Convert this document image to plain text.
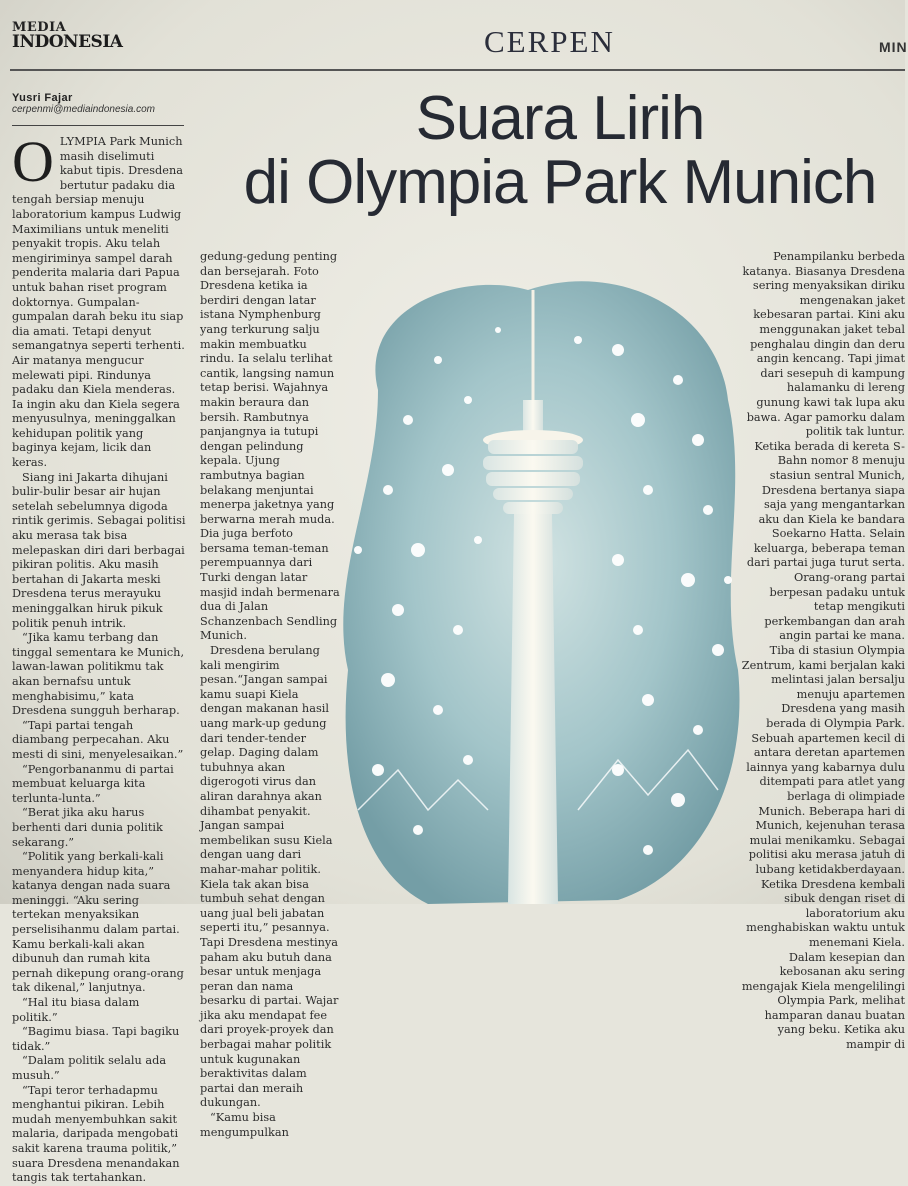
MEDIA
INDONESIA	CERPEN	MIN
Yusri Fajar
cerpenmi@mediaindonesia.com	Suara Lirih
di Olympia Park Munich
O LYMPIA Park Munich masih diselimuti kabut tipis. Dresdena bertutur padaku dia tengah bersiap menuju laboratorium kampus Ludwig Maximilians untuk meneliti penyakit tropis. Aku telah mengiriminya sampel darah penderita malaria dari Papua untuk bahan riset program doktornya. Gumpalan-gumpalan darah beku itu siap dia amati. Tetapi denyut semangatnya seperti terhenti. Air matanya mengucur melewati pipi. Rindunya padaku dan Kiela menderas. Ia ingin aku dan Kiela segera menyusulnya, meninggalkan kehidupan politik yang baginya kejam, licik dan keras.

Siang ini Jakarta dihujani bulir-bulir besar air hujan setelah sebelumnya digoda rintik gerimis. Sebagai politisi aku merasa tak bisa melepaskan diri dari berbagai pikiran politis. Aku masih bertahan di Jakarta meski Dresdena terus merayuku meninggalkan hiruk pikuk politik penuh intrik.

“Jika kamu terbang dan tinggal sementara ke Munich, lawan-lawan politikmu tak akan bernafsu untuk menghabisimu,” kata Dresdena sungguh berharap.

“Tapi partai tengah diambang perpecahan. Aku mesti di sini, menyelesaikan.”

“Pengorbananmu di partai membuat keluarga kita terlunta-lunta.”

“Berat jika aku harus berhenti dari dunia politik sekarang.”

“Politik yang berkali-kali menyandera hidup kita,” katanya dengan nada suara meninggi. “Aku sering tertekan menyaksikan perselisihanmu dalam partai. Kamu berkali-kali akan dibunuh dan rumah kita pernah dikepung orang-orang tak dikenal,” lanjutnya.

“Hal itu biasa dalam politik.”

“Bagimu biasa. Tapi bagiku tidak.”

“Dalam politik selalu ada musuh.”

“Tapi teror terhadapmu menghantui pikiran. Lebih mudah menyembuhkan sakit malaria, daripada mengobati sakit karena trauma politik,” suara Dresdena menandakan tangis tak tertahankan.

gedung-gedung penting dan bersejarah. Foto Dresdena ketika ia berdiri dengan latar istana Nymphenburg yang terkurung salju makin membuatku rindu. Ia selalu terlihat cantik, langsing namun tetap berisi. Wajahnya makin beraura dan bersih. Rambutnya panjangnya ia tutupi dengan pelindung kepala. Ujung rambutnya bagian belakang menjuntai menerpa jaketnya yang berwarna merah muda. Dia juga berfoto bersama teman-teman perempuannya dari Turki dengan latar masjid indah bermenara dua di Jalan Schanzenbach Sendling Munich.

Dresdena berulang kali mengirim pesan.“Jangan sampai kamu suapi Kiela dengan makanan hasil uang mark-up gedung dari tender-tender gelap. Daging dalam tubuhnya akan digerogoti virus dan aliran darahnya akan dihambat penyakit. Jangan sampai membelikan susu Kiela dengan uang dari mahar-mahar politik. Kiela tak akan bisa tumbuh sehat dengan uang jual beli jabatan seperti itu,” pesannya. Tapi Dresdena mestinya paham aku butuh dana besar untuk menjaga peran dan nama besarku di partai. Wajar jika aku mendapat fee dari proyek-proyek dan berbagai mahar politik untuk kugunakan beraktivitas dalam partai dan meraih dukungan.

“Kamu bisa mengumpulkan

Penampilanku berbeda katanya. Biasanya Dresdena sering menyaksikan diriku mengenakan jaket kebesaran partai. Kini aku menggunakan jaket tebal penghalau dingin dan deru angin kencang. Tapi jimat dari sesepuh di kampung halamanku di lereng gunung kawi tak lupa aku bawa. Agar pamorku dalam politik tak luntur.

Ketika berada di kereta S-Bahn nomor 8 menuju stasiun sentral Munich, Dresdena bertanya siapa saja yang mengantarkan aku dan Kiela ke bandara Soekarno Hatta. Selain keluarga, beberapa teman dari partai juga turut serta. Orang-orang partai berpesan padaku untuk tetap mengikuti perkembangan dan arah angin partai ke mana.

Tiba di stasiun Olympia Zentrum, kami berjalan kaki melintasi jalan bersalju menuju apartemen Dresdena yang masih berada di Olympia Park. Sebuah apartemen kecil di antara deretan apartemen lainnya yang kabarnya dulu ditempati para atlet yang berlaga di olimpiade Munich. Beberapa hari di Munich, kejenuhan terasa mulai menikamku. Sebagai politisi aku merasa jatuh di lubang ketidakberdayaan. Ketika Dresdena kembali sibuk dengan riset di laboratorium aku menghabiskan waktu untuk menemani Kiela.

Dalam kesepian dan kebosanan aku sering mengajak Kiela mengelilingi Olympia Park, melihat hamparan danau buatan yang beku. Ketika aku mampir di
